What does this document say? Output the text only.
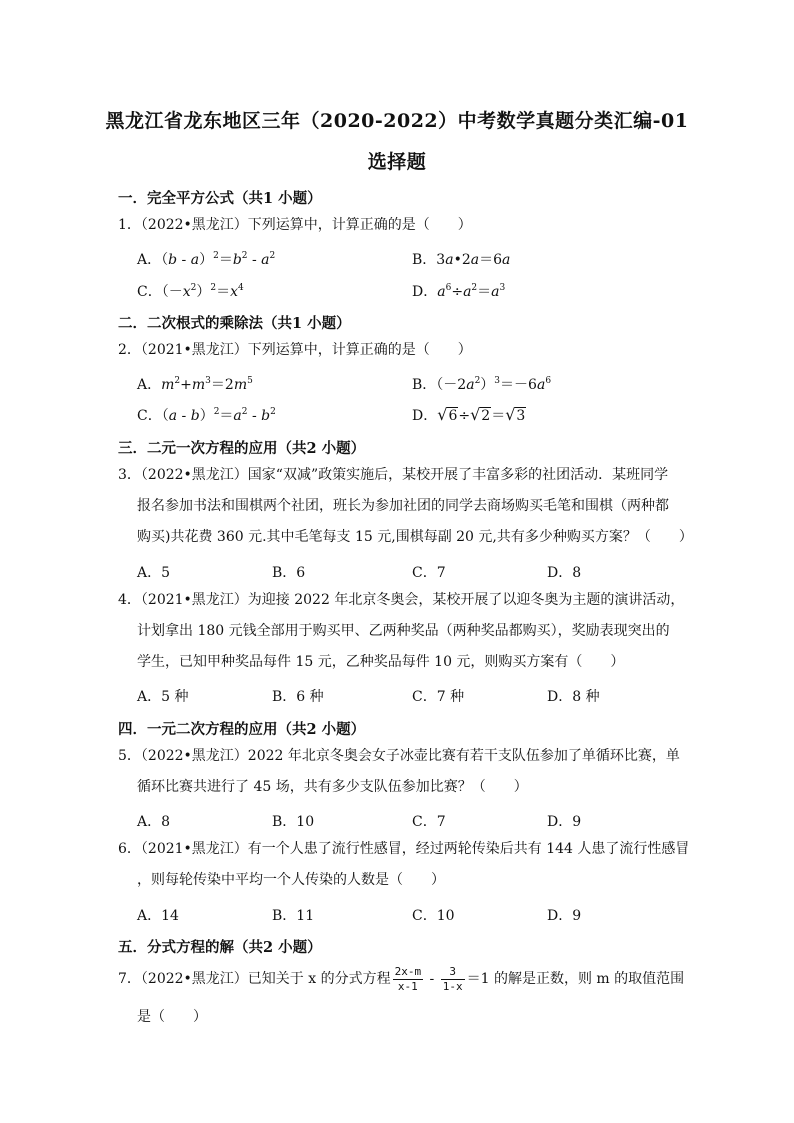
黑龙江省龙东地区三年（2020-2022）中考数学真题分类汇编-01
选择题
一．完全平方公式（共1 小题）
1．（2022•黑龙江）下列运算中，计算正确的是（　　）
A．$(b - a)^2=b^2 - a^2$	B．3a•2a＝6a
C．$(-x^2)^2=x^4$	D．$a^6\div a^2=a^3$
二．二次根式的乘除法（共1 小题）
2．（2021•黑龙江）下列运算中，计算正确的是（　　）
A．$m^2+m^3=2m^5$	B．$(-2a^2)^3=-6a^6$
C．$(a - b)^2=a^2 - b^2$	D．√6÷√2＝√3
三．二元一次方程的应用（共2 小题）
3．（2022•黑龙江）国家“双减”政策实施后，某校开展了丰富多彩的社团活动．某班同学
报名参加书法和围棋两个社团，班长为参加社团的同学去商场购买毛笔和围棋（两种都
购买)共花费 360 元.其中毛笔每支 15 元,围棋每副 20 元,共有多少种购买方案？（　　）
A．5	B．6	C．7	D．8
4．（2021•黑龙江）为迎接 2022 年北京冬奥会，某校开展了以迎冬奥为主题的演讲活动，
计划拿出 180 元钱全部用于购买甲、乙两种奖品（两种奖品都购买），奖励表现突出的
学生，已知甲种奖品每件 15 元，乙种奖品每件 10 元，则购买方案有（　　）
A．5 种	B．6 种	C．7 种	D．8 种
四．一元二次方程的应用（共2 小题）
5．（2022•黑龙江）2022 年北京冬奥会女子冰壶比赛有若干支队伍参加了单循环比赛，单
循环比赛共进行了 45 场，共有多少支队伍参加比赛？（　　）
A．8	B．10	C．7	D．9
6．（2021•黑龙江）有一个人患了流行性感冒，经过两轮传染后共有 144 人患了流行性感冒
，则每轮传染中平均一个人传染的人数是（　　）
A．14	B．11	C．10	D．9
五．分式方程的解（共2 小题）
7．（2022•黑龙江）已知关于 x 的分式方程 $\frac{2x-m}{x-1} - \frac{3}{1-x} =1$ 的解是正数，则 m 的取值范围
是（　　）
